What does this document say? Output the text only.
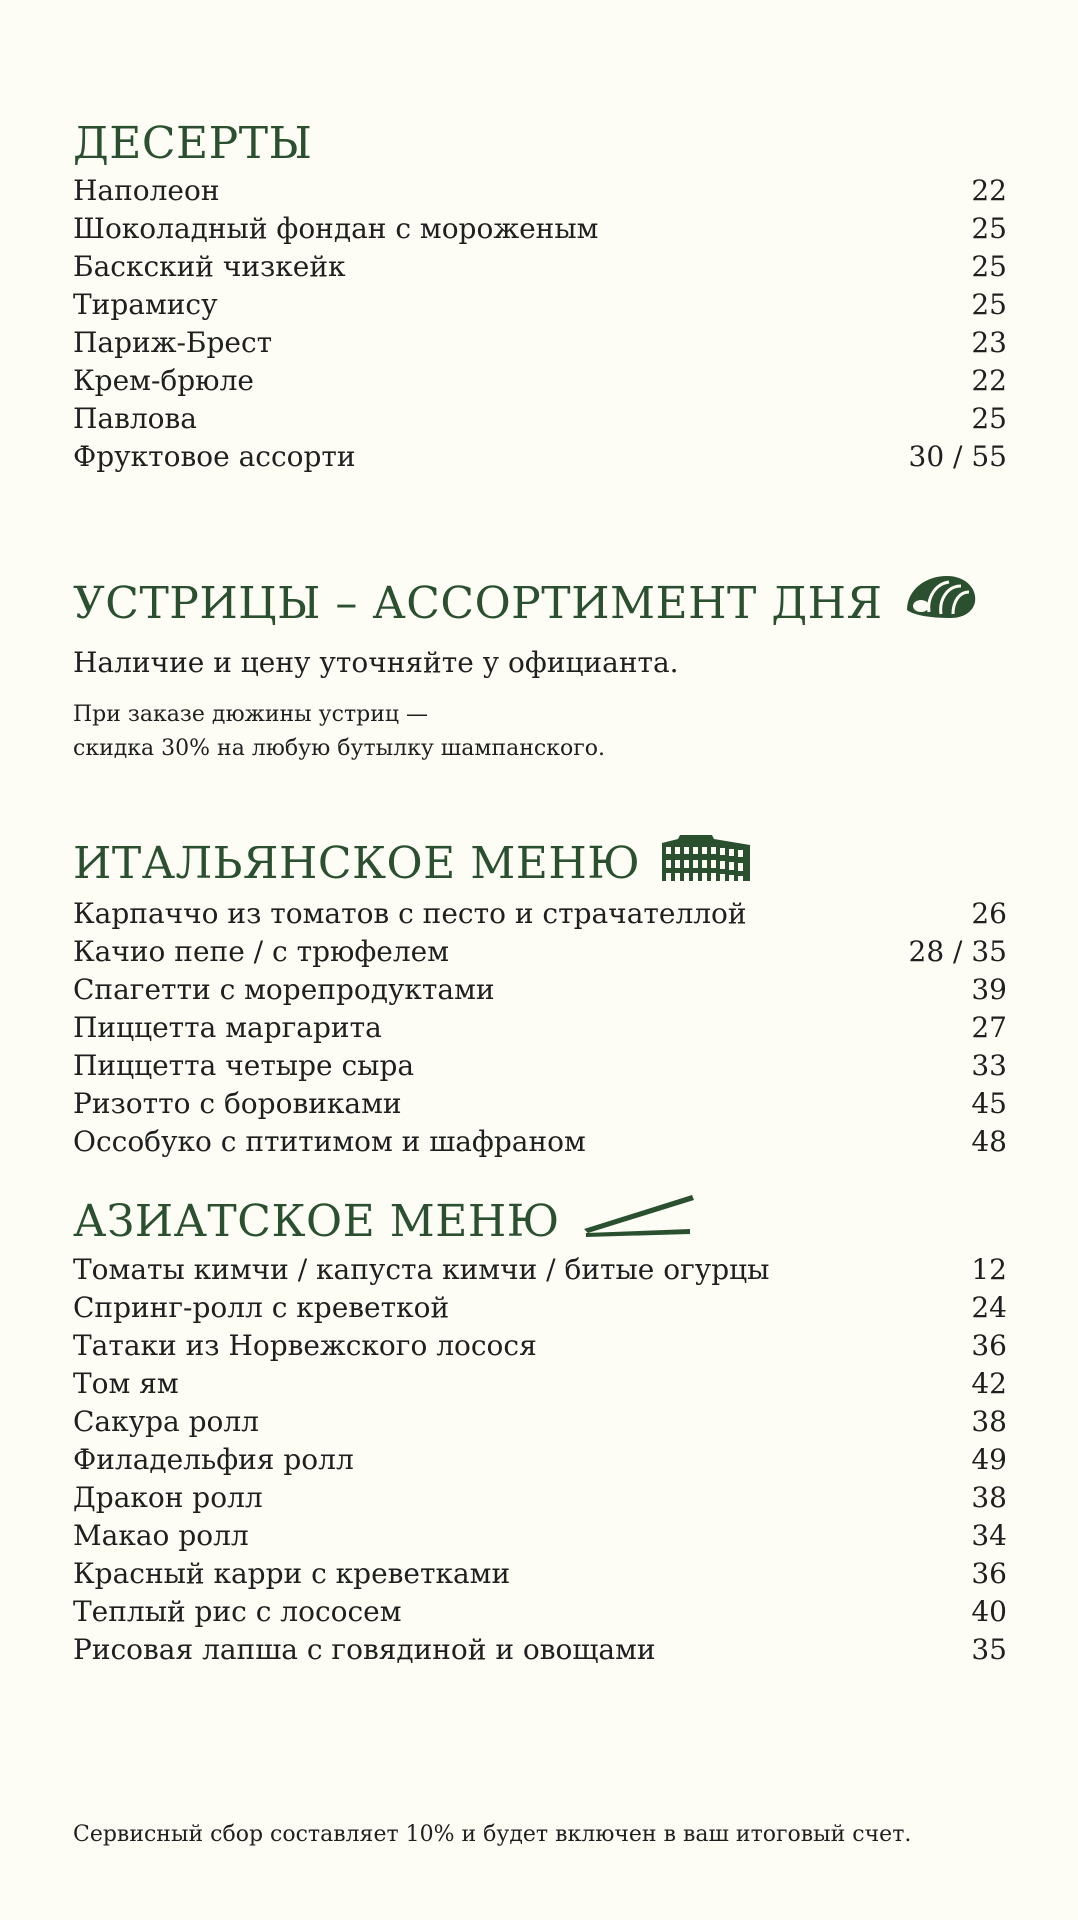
ДЕСЕРТЫ
Наполеон	22
Шоколадный фондан с мороженым	25
Баскский чизкейк	25
Тирамису	25
Париж-Брест	23
Крем-брюле	22
Павлова	25
Фруктовое ассорти	30 / 55
УСТРИЦЫ – АССОРТИМЕНТ ДНЯ

Наличие и цену уточняйте у официанта.

При заказе дюжины устриц —
скидка 30% на любую бутылку шампанского.

ИТАЛЬЯНСКОЕ МЕНЮ
Карпаччо из томатов с песто и страчателлой	26
Качио пепе / с трюфелем	28 / 35
Спагетти с морепродуктами	39
Пиццетта маргарита	27
Пиццетта четыре сыра	33
Ризотто с боровиками	45
Оссобуко с птитимом и шафраном	48
АЗИАТСКОЕ МЕНЮ
Томаты кимчи / капуста кимчи / битые огурцы	12
Спринг-ролл с креветкой	24
Татаки из Норвежского лосося	36
Том ям	42
Сакура ролл	38
Филадельфия ролл	49
Дракон ролл	38
Макао ролл	34
Красный карри с креветками	36
Теплый рис с лососем	40
Рисовая лапша с говядиной и овощами	35

Сервисный сбор составляет 10% и будет включен в ваш итоговый счет.
